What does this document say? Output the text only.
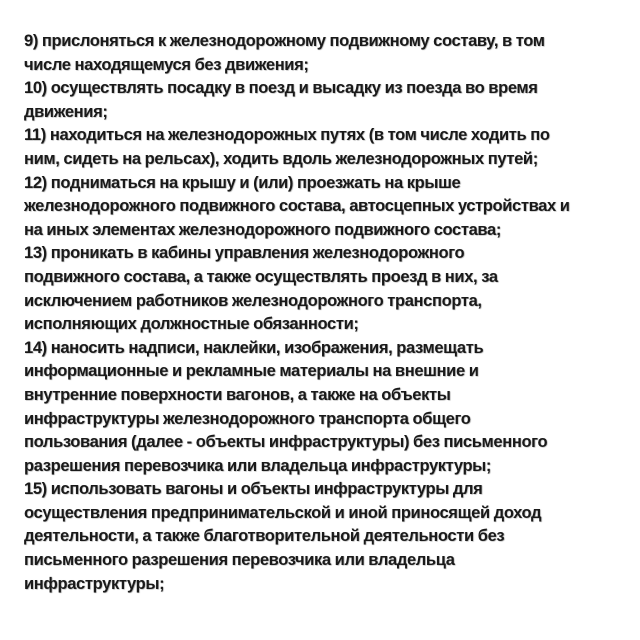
9) прислоняться к железнодорожному подвижному составу, в том
числе находящемуся без движения;
10) осуществлять посадку в поезд и высадку из поезда во время
движения;
11) находиться на железнодорожных путях (в том числе ходить по
ним, сидеть на рельсах), ходить вдоль железнодорожных путей;
12) подниматься на крышу и (или) проезжать на крыше
железнодорожного подвижного состава, автосцепных устройствах и
на иных элементах железнодорожного подвижного состава;
13) проникать в кабины управления железнодорожного
подвижного состава, а также осуществлять проезд в них, за
исключением работников железнодорожного транспорта,
исполняющих должностные обязанности;
14) наносить надписи, наклейки, изображения, размещать
информационные и рекламные материалы на внешние и
внутренние поверхности вагонов, а также на объекты
инфраструктуры железнодорожного транспорта общего
пользования (далее - объекты инфраструктуры) без письменного
разрешения перевозчика или владельца инфраструктуры;
15) использовать вагоны и объекты инфраструктуры для
осуществления предпринимательской и иной приносящей доход
деятельности, а также благотворительной деятельности без
письменного разрешения перевозчика или владельца
инфраструктуры;
